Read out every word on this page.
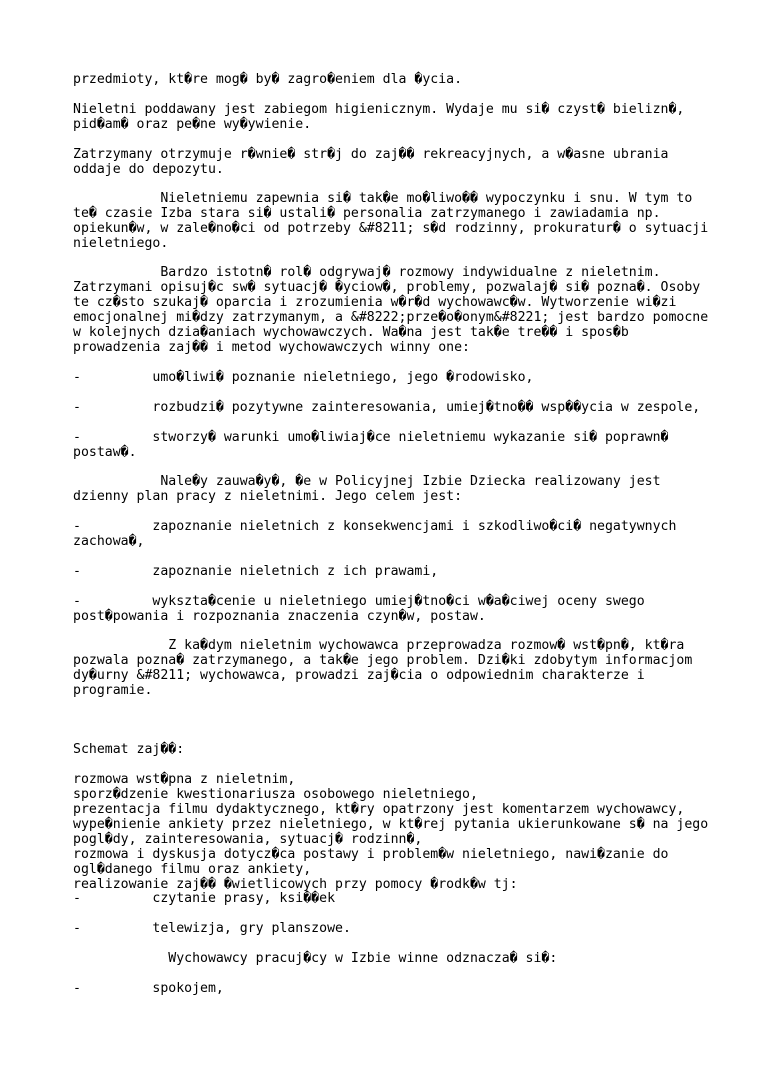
przedmioty, kt�re mog� by� zagro�eniem dla �ycia.
Nieletni poddawany jest zabiegom higienicznym. Wydaje mu si� czyst� bielizn�,
pid�am� oraz pe�ne wy�ywienie.
Zatrzymany otrzymuje r�wnie� str�j do zaj�� rekreacyjnych, a w�asne ubrania
oddaje do depozytu.
Nieletniemu zapewnia si� tak�e mo�liwo�� wypoczynku i snu. W tym to
te� czasie Izba stara si� ustali� personalia zatrzymanego i zawiadamia np.
opiekun�w, w zale�no�ci od potrzeby &#8211; s�d rodzinny, prokuratur� o sytuacji
nieletniego.
Bardzo istotn� rol� odgrywaj� rozmowy indywidualne z nieletnim.
Zatrzymani opisuj�c sw� sytuacj� �yciow�, problemy, pozwalaj� si� pozna�. Osoby
te cz�sto szukaj� oparcia i zrozumienia w�r�d wychowawc�w. Wytworzenie wi�zi
emocjonalnej mi�dzy zatrzymanym, a &#8222;prze�o�onym&#8221; jest bardzo pomocne
w kolejnych dzia�aniach wychowawczych. Wa�na jest tak�e tre�� i spos�b
prowadzenia zaj�� i metod wychowawczych winny one:
-         umo�liwi� poznanie nieletniego, jego �rodowisko,
-         rozbudzi� pozytywne zainteresowania, umiej�tno�� wsp��ycia w zespole,
-         stworzy� warunki umo�liwiaj�ce nieletniemu wykazanie si� poprawn�
postaw�.
Nale�y zauwa�y�, �e w Policyjnej Izbie Dziecka realizowany jest
dzienny plan pracy z nieletnimi. Jego celem jest:
-         zapoznanie nieletnich z konsekwencjami i szkodliwo�ci� negatywnych
zachowa�,
-         zapoznanie nieletnich z ich prawami,
-         wykszta�cenie u nieletniego umiej�tno�ci w�a�ciwej oceny swego
post�powania i rozpoznania znaczenia czyn�w, postaw.
Z ka�dym nieletnim wychowawca przeprowadza rozmow� wst�pn�, kt�ra
pozwala pozna� zatrzymanego, a tak�e jego problem. Dzi�ki zdobytym informacjom
dy�urny &#8211; wychowawca, prowadzi zaj�cia o odpowiednim charakterze i
programie.
Schemat zaj��:
rozmowa wst�pna z nieletnim,
sporz�dzenie kwestionariusza osobowego nieletniego,
prezentacja filmu dydaktycznego, kt�ry opatrzony jest komentarzem wychowawcy,
wype�nienie ankiety przez nieletniego, w kt�rej pytania ukierunkowane s� na jego
pogl�dy, zainteresowania, sytuacj� rodzinn�,
rozmowa i dyskusja dotycz�ca postawy i problem�w nieletniego, nawi�zanie do
ogl�danego filmu oraz ankiety,
realizowanie zaj�� �wietlicowych przy pomocy �rodk�w tj:
-         czytanie prasy, ksi��ek
-         telewizja, gry planszowe.
Wychowawcy pracuj�cy w Izbie winne odznacza� si�:
-         spokojem,
